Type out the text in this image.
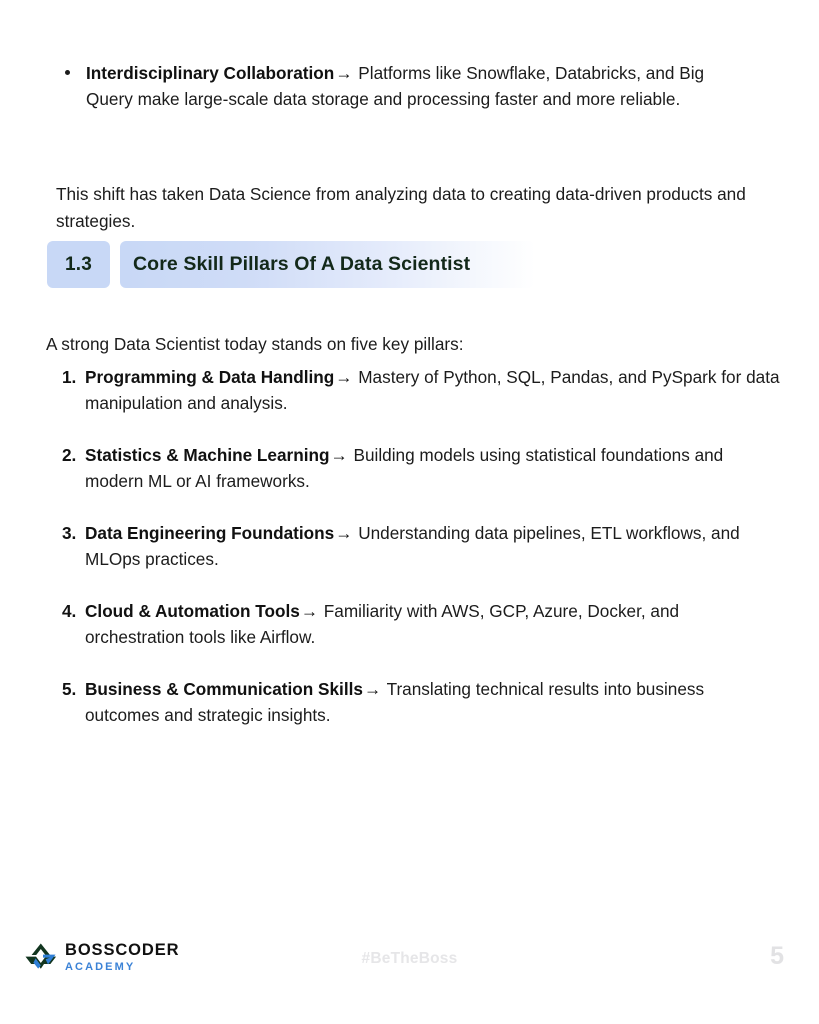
Interdisciplinary Collaboration→ Platforms like Snowflake, Databricks, and Big Query make large-scale data storage and processing faster and more reliable.

This shift has taken Data Science from analyzing data to creating data-driven products and strategies.

1.3	Core Skill Pillars Of A Data Scientist

A strong Data Scientist today stands on five key pillars:

1. Programming & Data Handling→ Mastery of Python, SQL, Pandas, and PySpark for data manipulation and analysis.
2. Statistics & Machine Learning→ Building models using statistical foundations and modern ML or AI frameworks.
3. Data Engineering Foundations→ Understanding data pipelines, ETL workflows, and MLOps practices.
4. Cloud & Automation Tools→ Familiarity with AWS, GCP, Azure, Docker, and orchestration tools like Airflow.
5. Business & Communication Skills→ Translating technical results into business outcomes and strategic insights.
BOSSCODER
ACADEMY	#BeTheBoss	5
